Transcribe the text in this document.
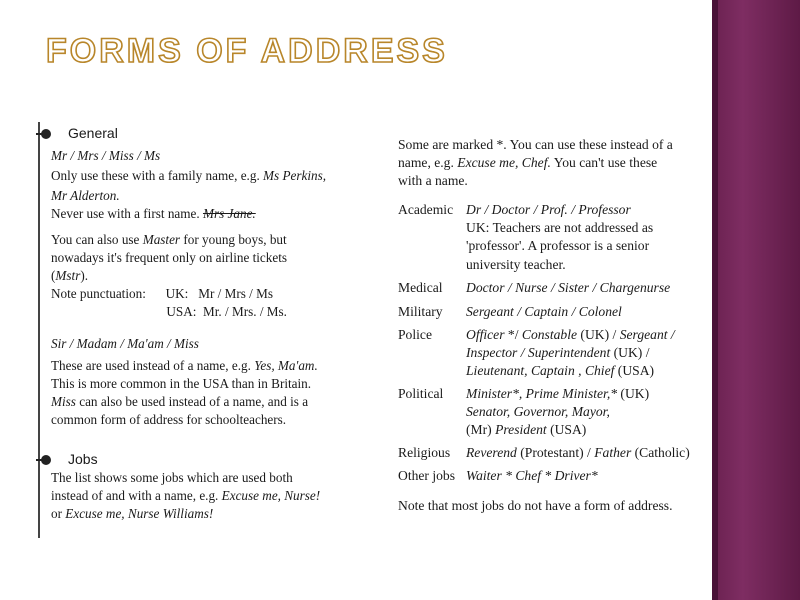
FORMS OF ADDRESS
General
Jobs
Mr / Mrs / Miss / Ms
Only use these with a family name, e.g. Ms Perkins,
Mr Alderton.
Never use with a first name. Mrs Jane.
You can also use Master for young boys, but
nowadays it's frequent only on airline tickets
(Mstr).
Note punctuation:      UK:   Mr / Mrs / Ms
USA:  Mr. / Mrs. / Ms.
Sir / Madam / Ma'am / Miss
These are used instead of a name, e.g. Yes, Ma'am.
This is more common in the USA than in Britain.
Miss can also be used instead of a name, and is a
common form of address for schoolteachers.
The list shows some jobs which are used both
instead of and with a name, e.g. Excuse me, Nurse!
or Excuse me, Nurse Williams!
Some are marked *. You can use these instead of a
name, e.g. Excuse me, Chef. You can't use these
with a name.
Academic Dr / Doctor / Prof. / Professor
UK: Teachers are not addressed as
'professor'. A professor is a senior
university teacher.
Medical Doctor / Nurse / Sister / Chargenurse
Military Sergeant / Captain / Colonel
Police	Officer */ Constable (UK) / Sergeant /
Inspector / Superintendent (UK) /
Lieutenant, Captain , Chief (USA)
Political Minister*, Prime Minister,* (UK)
Senator, Governor, Mayor,
(Mr) President (USA)
Religious Reverend (Protestant) / Father (Catholic)
Other jobs Waiter * Chef * Driver*
Note that most jobs do not have a form of address.
